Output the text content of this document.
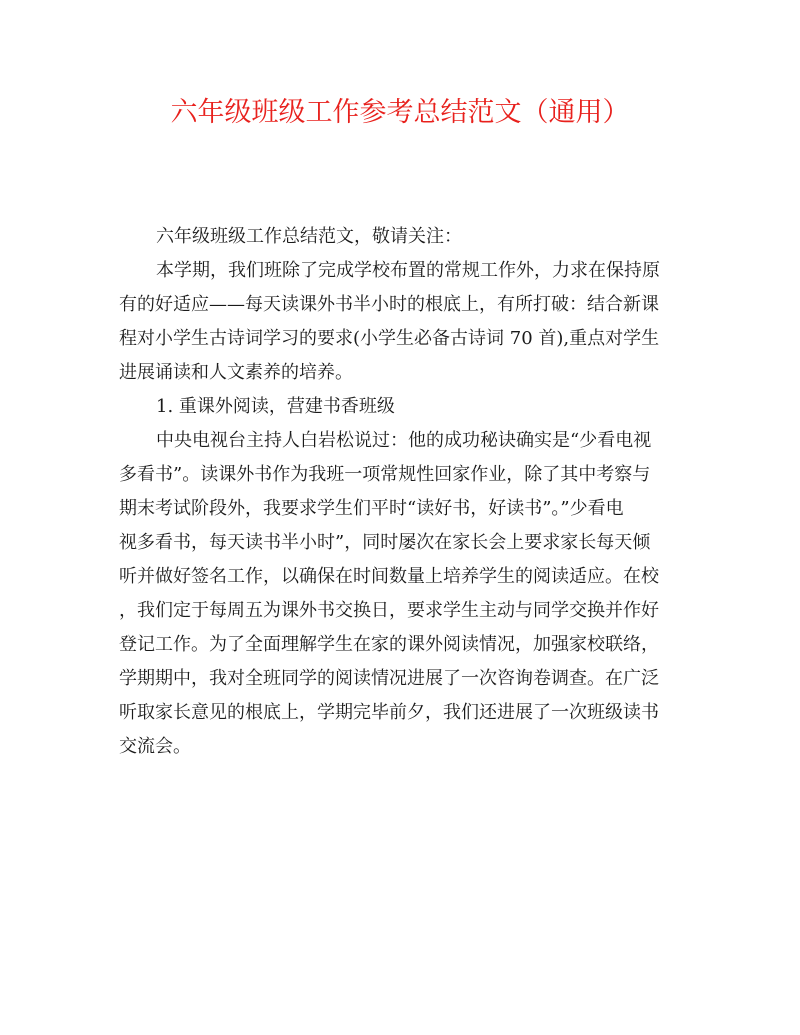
六年级班级工作参考总结范文（通用）
六年级班级工作总结范文，敬请关注：
本学期，我们班除了完成学校布置的常规工作外，力求在保持原
有的好适应——每天读课外书半小时的根底上，有所打破：结合新课
程对小学生古诗词学习的要求(小学生必备古诗词 70 首),重点对学生
进展诵读和人文素养的培养。
1. 重课外阅读，营建书香班级
中央电视台主持人白岩松说过：他的成功秘诀确实是“少看电视
多看书”。读课外书作为我班一项常规性回家作业，除了其中考察与
期末考试阶段外，我要求学生们平时“读好书，好读书”。”少看电
视多看书，每天读书半小时”，同时屡次在家长会上要求家长每天倾
听并做好签名工作，以确保在时间数量上培养学生的阅读适应。在校
，我们定于每周五为课外书交换日，要求学生主动与同学交换并作好
登记工作。为了全面理解学生在家的课外阅读情况，加强家校联络，
学期期中，我对全班同学的阅读情况进展了一次咨询卷调查。在广泛
听取家长意见的根底上，学期完毕前夕，我们还进展了一次班级读书
交流会。
